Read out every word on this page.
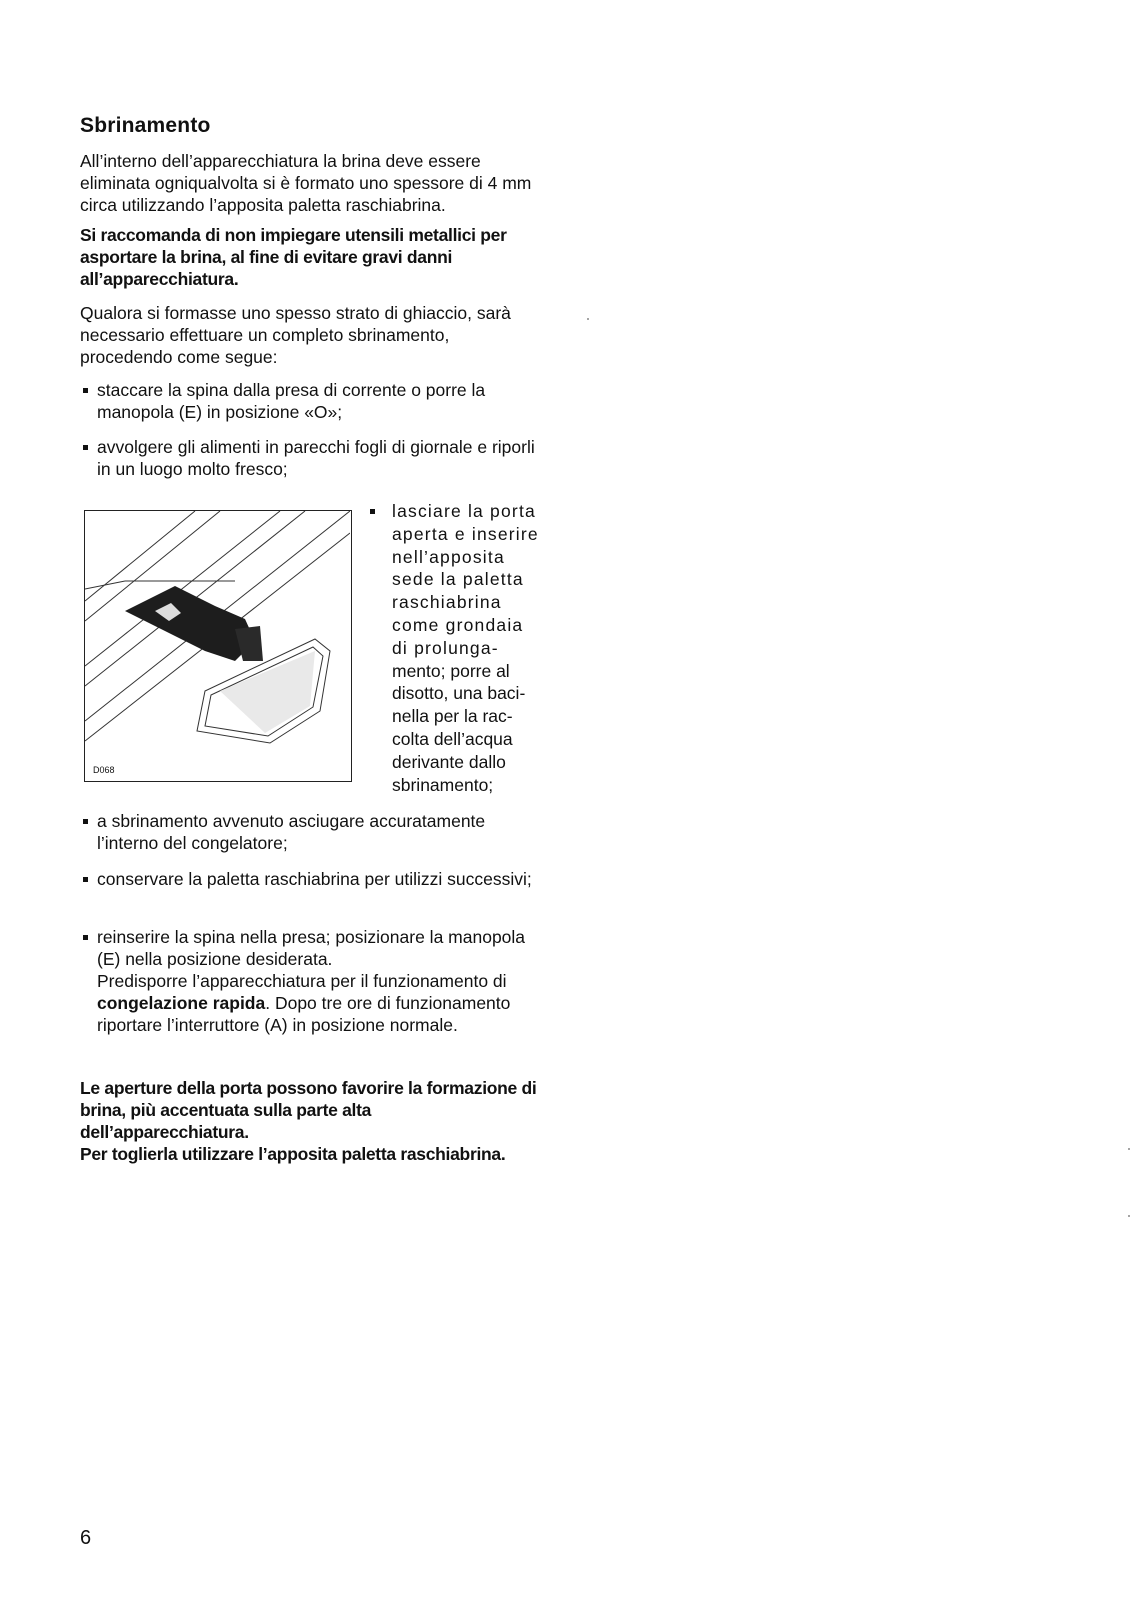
Sbrinamento

All’interno dell’apparecchiatura la brina deve essere eliminata ogniqualvolta si è formato uno spessore di 4 mm circa utilizzando l’apposita paletta raschiabrina.

Si raccomanda di non impiegare utensili metallici per asportare la brina, al fine di evitare gravi danni all’apparecchiatura.

Qualora si formasse uno spesso strato di ghiaccio, sarà necessario effettuare un completo sbrinamento, procedendo come segue:

staccare la spina dalla presa di corrente o porre la manopola (E) in posizione «O»;
avvolgere gli alimenti in parecchi fogli di giornale e riporli in un luogo molto fresco;
D068
lasciare la porta
aperta e inserire
nell’apposita
sede la paletta
raschiabrina
come grondaia
di prolunga-
mento; porre al
disotto, una baci-
nella per la rac-
colta dell’acqua
derivante dallo
sbrinamento;
a sbrinamento avvenuto asciugare accuratamente l’interno del congelatore;
conservare la paletta raschiabrina per utilizzi successivi;
reinserire la spina nella presa; posizionare la manopola (E) nella posizione desiderata.
Predisporre l’apparecchiatura per il funzionamento di congelazione rapida. Dopo tre ore di funzionamento riportare l’interruttore (A) in posizione normale.

Le aperture della porta possono favorire la formazione di brina, più accentuata sulla parte alta dell’apparecchiatura.

Per toglierla utilizzare l’apposita paletta raschiabrina.

6
